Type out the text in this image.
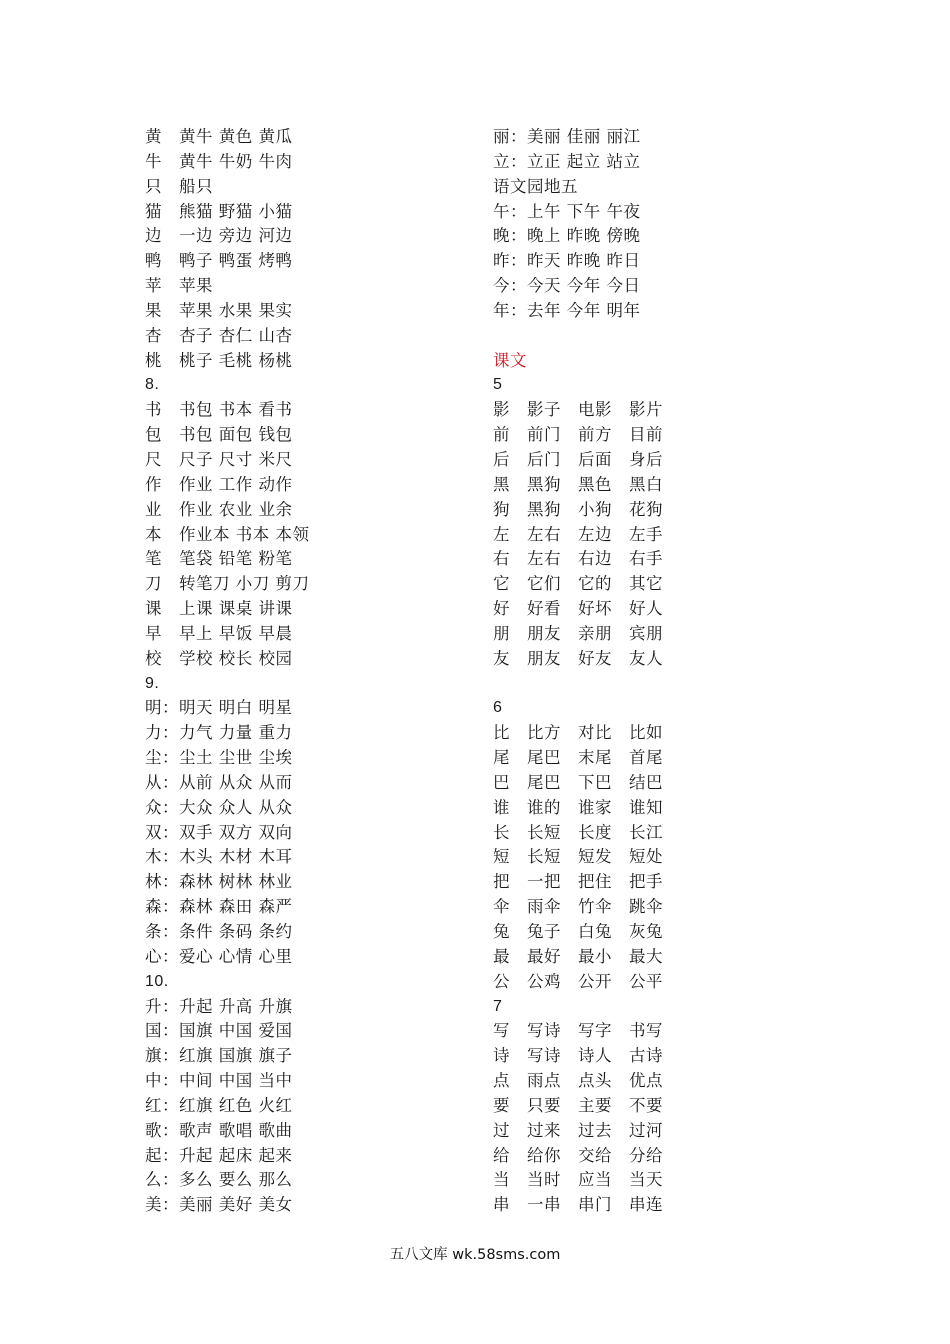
黄　黄牛 黄色 黄瓜
牛　黄牛 牛奶 牛肉
只　船只
猫　熊猫 野猫 小猫
边　一边 旁边 河边
鸭　鸭子 鸭蛋 烤鸭
苹　苹果
果　苹果 水果 果实
杏　杏子 杏仁 山杏
桃　桃子 毛桃 杨桃
8.
书　书包 书本 看书
包　书包 面包 钱包
尺　尺子 尺寸 米尺
作　作业 工作 动作
业　作业 农业 业余
本　作业本 书本 本领
笔　笔袋 铅笔 粉笔
刀　转笔刀 小刀 剪刀
课　上课 课桌 讲课
早　早上 早饭 早晨
校　学校 校长 校园
9.
明：明天 明白 明星
力：力气 力量 重力
尘：尘土 尘世 尘埃
从：从前 从众 从而
众：大众 众人 从众
双：双手 双方 双向
木：木头 木材 木耳
林：森林 树林 林业
森：森林 森田 森严
条：条件 条码 条约
心：爱心 心情 心里
10.
升：升起 升高 升旗
国：国旗 中国 爱国
旗：红旗 国旗 旗子
中：中间 中国 当中
红：红旗 红色 火红
歌：歌声 歌唱 歌曲
起：升起 起床 起来
么：多么 要么 那么
美：美丽 美好 美女
丽：美丽 佳丽 丽江
立：立正 起立 站立
语文园地五
午：上午 下午 午夜
晚：晚上 昨晚 傍晚
昨：昨天 昨晚 昨日
今：今天 今年 今日
年：去年 今年 明年
课文
5
影　影子　电影　影片
前　前门　前方　目前
后　后门　后面　身后
黑　黑狗　黑色　黑白
狗　黑狗　小狗　花狗
左　左右　左边　左手
右　左右　右边　右手
它　它们　它的　其它
好　好看　好坏　好人
朋　朋友　亲朋　宾朋
友　朋友　好友　友人
6
比　比方　对比　比如
尾　尾巴　末尾　首尾
巴　尾巴　下巴　结巴
谁　谁的　谁家　谁知
长　长短　长度　长江
短　长短　短发　短处
把　一把　把住　把手
伞　雨伞　竹伞　跳伞
兔　兔子　白兔　灰兔
最　最好　最小　最大
公　公鸡　公开　公平
7
写　写诗　写字　书写
诗　写诗　诗人　古诗
点　雨点　点头　优点
要　只要　主要　不要
过　过来　过去　过河
给　给你　交给　分给
当　当时　应当　当天
串　一串　串门　串连
五八文库 wk.58sms.com
